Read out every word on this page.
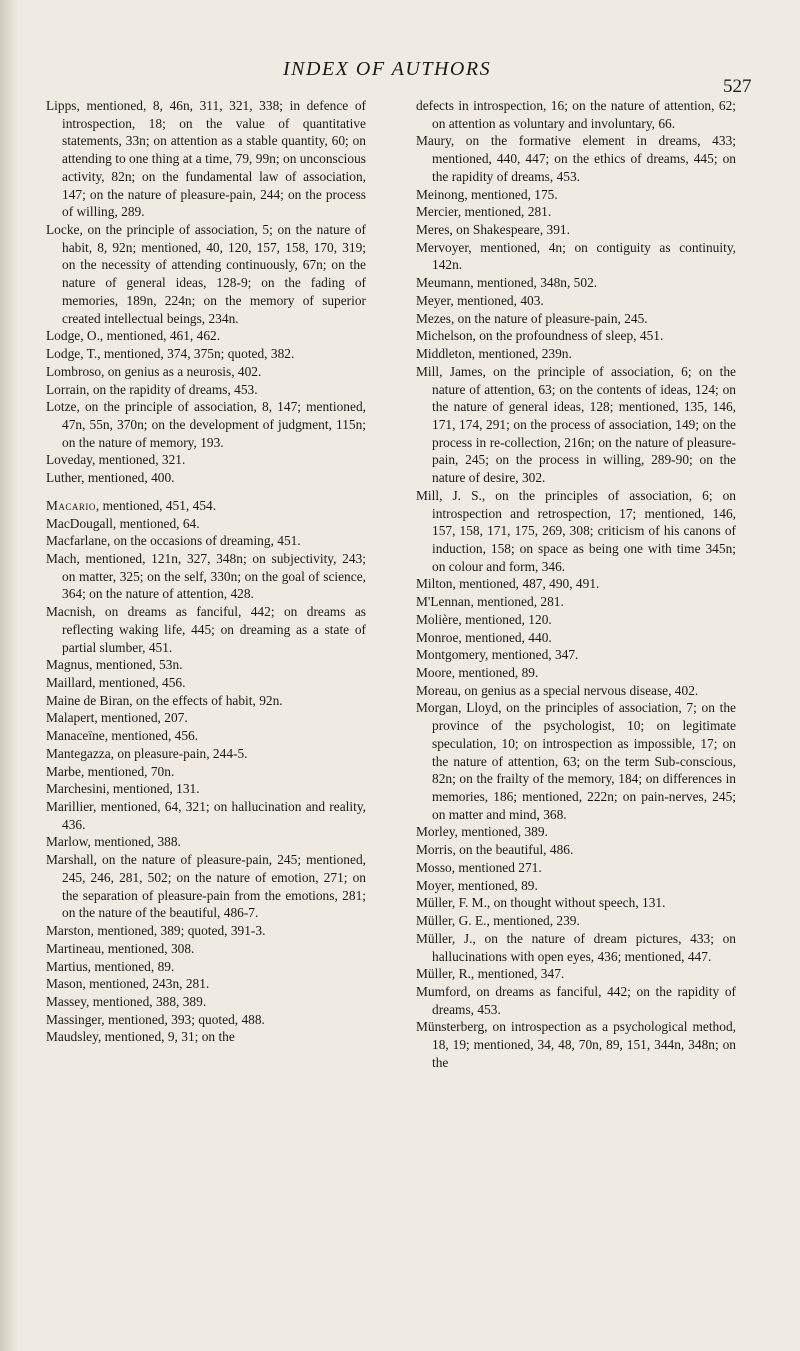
INDEX OF AUTHORS
527
Lipps, mentioned, 8, 46n, 311, 321, 338; in defence of introspection, 18; on the value of quantitative statements, 33n; on attention as a stable quantity, 60; on attending to one thing at a time, 79, 99n; on unconscious activity, 82n; on the fundamental law of association, 147; on the nature of pleasure-pain, 244; on the process of willing, 289.
Locke, on the principle of association, 5; on the nature of habit, 8, 92n; mentioned, 40, 120, 157, 158, 170, 319; on the necessity of attending continuously, 67n; on the nature of general ideas, 128-9; on the fading of memories, 189n, 224n; on the memory of superior created intellectual beings, 234n.
Lodge, O., mentioned, 461, 462.
Lodge, T., mentioned, 374, 375n; quoted, 382.
Lombroso, on genius as a neurosis, 402.
Lorrain, on the rapidity of dreams, 453.
Lotze, on the principle of association, 8, 147; mentioned, 47n, 55n, 370n; on the development of judgment, 115n; on the nature of memory, 193.
Loveday, mentioned, 321.
Luther, mentioned, 400.
Macario, mentioned, 451, 454.
MacDougall, mentioned, 64.
Macfarlane, on the occasions of dreaming, 451.
Mach, mentioned, 121n, 327, 348n; on subjectivity, 243; on matter, 325; on the self, 330n; on the goal of science, 364; on the nature of attention, 428.
Macnish, on dreams as fanciful, 442; on dreams as reflecting waking life, 445; on dreaming as a state of partial slumber, 451.
Magnus, mentioned, 53n.
Maillard, mentioned, 456.
Maine de Biran, on the effects of habit, 92n.
Malapert, mentioned, 207.
Manaceïne, mentioned, 456.
Mantegazza, on pleasure-pain, 244-5.
Marbe, mentioned, 70n.
Marchesini, mentioned, 131.
Marillier, mentioned, 64, 321; on hallucination and reality, 436.
Marlow, mentioned, 388.
Marshall, on the nature of pleasure-pain, 245; mentioned, 245, 246, 281, 502; on the nature of emotion, 271; on the separation of pleasure-pain from the emotions, 281; on the nature of the beautiful, 486-7.
Marston, mentioned, 389; quoted, 391-3.
Martineau, mentioned, 308.
Martius, mentioned, 89.
Mason, mentioned, 243n, 281.
Massey, mentioned, 388, 389.
Massinger, mentioned, 393; quoted, 488.
Maudsley, mentioned, 9, 31; on the
defects in introspection, 16; on the nature of attention, 62; on attention as voluntary and involuntary, 66.
Maury, on the formative element in dreams, 433; mentioned, 440, 447; on the ethics of dreams, 445; on the rapidity of dreams, 453.
Meinong, mentioned, 175.
Mercier, mentioned, 281.
Meres, on Shakespeare, 391.
Mervoyer, mentioned, 4n; on contiguity as continuity, 142n.
Meumann, mentioned, 348n, 502.
Meyer, mentioned, 403.
Mezes, on the nature of pleasure-pain, 245.
Michelson, on the profoundness of sleep, 451.
Middleton, mentioned, 239n.
Mill, James, on the principle of association, 6; on the nature of attention, 63; on the contents of ideas, 124; on the nature of general ideas, 128; mentioned, 135, 146, 171, 174, 291; on the process of association, 149; on the process in re-collection, 216n; on the nature of pleasure-pain, 245; on the process in willing, 289-90; on the nature of desire, 302.
Mill, J. S., on the principles of association, 6; on introspection and retrospection, 17; mentioned, 146, 157, 158, 171, 175, 269, 308; criticism of his canons of induction, 158; on space as being one with time 345n; on colour and form, 346.
Milton, mentioned, 487, 490, 491.
M'Lennan, mentioned, 281.
Molière, mentioned, 120.
Monroe, mentioned, 440.
Montgomery, mentioned, 347.
Moore, mentioned, 89.
Moreau, on genius as a special nervous disease, 402.
Morgan, Lloyd, on the principles of association, 7; on the province of the psychologist, 10; on legitimate speculation, 10; on introspection as impossible, 17; on the nature of attention, 63; on the term Sub-conscious, 82n; on the frailty of the memory, 184; on differences in memories, 186; mentioned, 222n; on pain-nerves, 245; on matter and mind, 368.
Morley, mentioned, 389.
Morris, on the beautiful, 486.
Mosso, mentioned 271.
Moyer, mentioned, 89.
Müller, F. M., on thought without speech, 131.
Müller, G. E., mentioned, 239.
Müller, J., on the nature of dream pictures, 433; on hallucinations with open eyes, 436; mentioned, 447.
Müller, R., mentioned, 347.
Mumford, on dreams as fanciful, 442; on the rapidity of dreams, 453.
Münsterberg, on introspection as a psychological method, 18, 19; mentioned, 34, 48, 70n, 89, 151, 344n, 348n; on the
